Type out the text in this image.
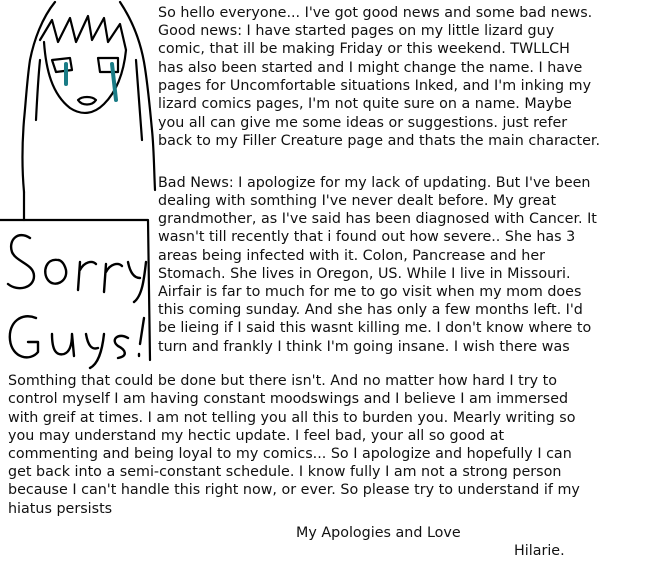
So hello everyone... I've got good news and some bad news.
Good news: I have started pages on my little lizard guy
comic, that ill be making Friday or this weekend. TWLLCH
has also been started and I might change the name. I have
pages for Uncomfortable situations Inked, and I'm inking my
lizard comics pages, I'm not quite sure on a name. Maybe
you all can give me some ideas or suggestions. just refer
back to my Filler Creature page and thats the main character.
Bad News: I apologize for my lack of updating. But I've been
dealing with somthing I've never dealt before. My great
grandmother, as I've said has been diagnosed with Cancer. It
wasn't till recently that i found out how severe.. She has 3
areas being infected with it. Colon, Pancrease and her
Stomach. She lives in Oregon, US. While I live in Missouri.
Airfair is far to much for me to go visit when my mom does
this coming sunday. And she has only a few months left. I'd
be lieing if I said this wasnt killing me. I don't know where to
turn and frankly I think I'm going insane. I wish there was
Somthing that could be done but there isn't. And no matter how hard I try to
control myself I am having constant moodswings and I believe I am immersed
with greif at times. I am not telling you all this to burden you. Mearly writing so
you may understand my hectic update. I feel bad, your all so good at
commenting and being loyal to my comics... So I apologize and hopefully I can
get back into a semi-constant schedule. I know fully I am not a strong person
because I can't handle this right now, or ever. So please try to understand if my
hiatus persists
My Apologies and Love
Hilarie.
